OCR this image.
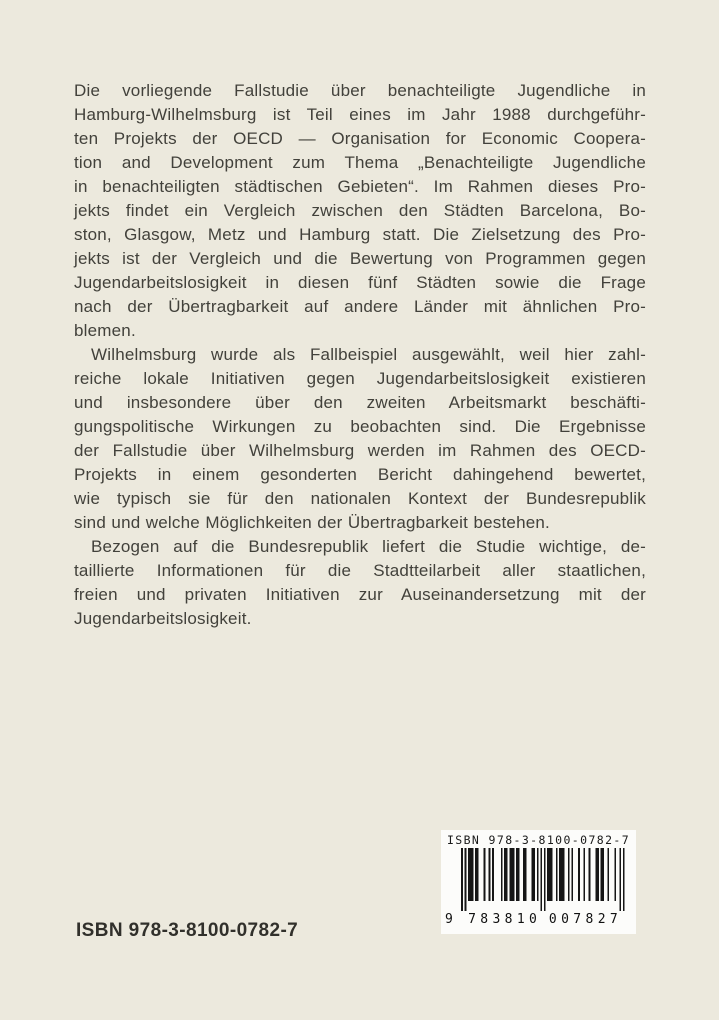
Die vorliegende Fallstudie über benachteiligte Jugendliche in
Hamburg-Wilhelmsburg ist Teil eines im Jahr 1988 durchgeführ-
ten Projekts der OECD — Organisation for Economic Coopera-
tion and Development zum Thema „Benachteiligte Jugendliche
in benachteiligten städtischen Gebieten“. Im Rahmen dieses Pro-
jekts findet ein Vergleich zwischen den Städten Barcelona, Bo-
ston, Glasgow, Metz und Hamburg statt. Die Zielsetzung des Pro-
jekts ist der Vergleich und die Bewertung von Programmen gegen
Jugendarbeitslosigkeit in diesen fünf Städten sowie die Frage
nach der Übertragbarkeit auf andere Länder mit ähnlichen Pro-
blemen.
Wilhelmsburg wurde als Fallbeispiel ausgewählt, weil hier zahl-
reiche lokale Initiativen gegen Jugendarbeitslosigkeit existieren
und insbesondere über den zweiten Arbeitsmarkt beschäfti-
gungspolitische Wirkungen zu beobachten sind. Die Ergebnisse
der Fallstudie über Wilhelmsburg werden im Rahmen des OECD-
Projekts in einem gesonderten Bericht dahingehend bewertet,
wie typisch sie für den nationalen Kontext der Bundesrepublik
sind und welche Möglichkeiten der Übertragbarkeit bestehen.
Bezogen auf die Bundesrepublik liefert die Studie wichtige, de-
taillierte Informationen für die Stadtteilarbeit aller staatlichen,
freien und privaten Initiativen zur Auseinandersetzung mit der
Jugendarbeitslosigkeit.
ISBN 978-3-8100-0782-7
9 783810 007827
ISBN 978-3-8100-0782-7
